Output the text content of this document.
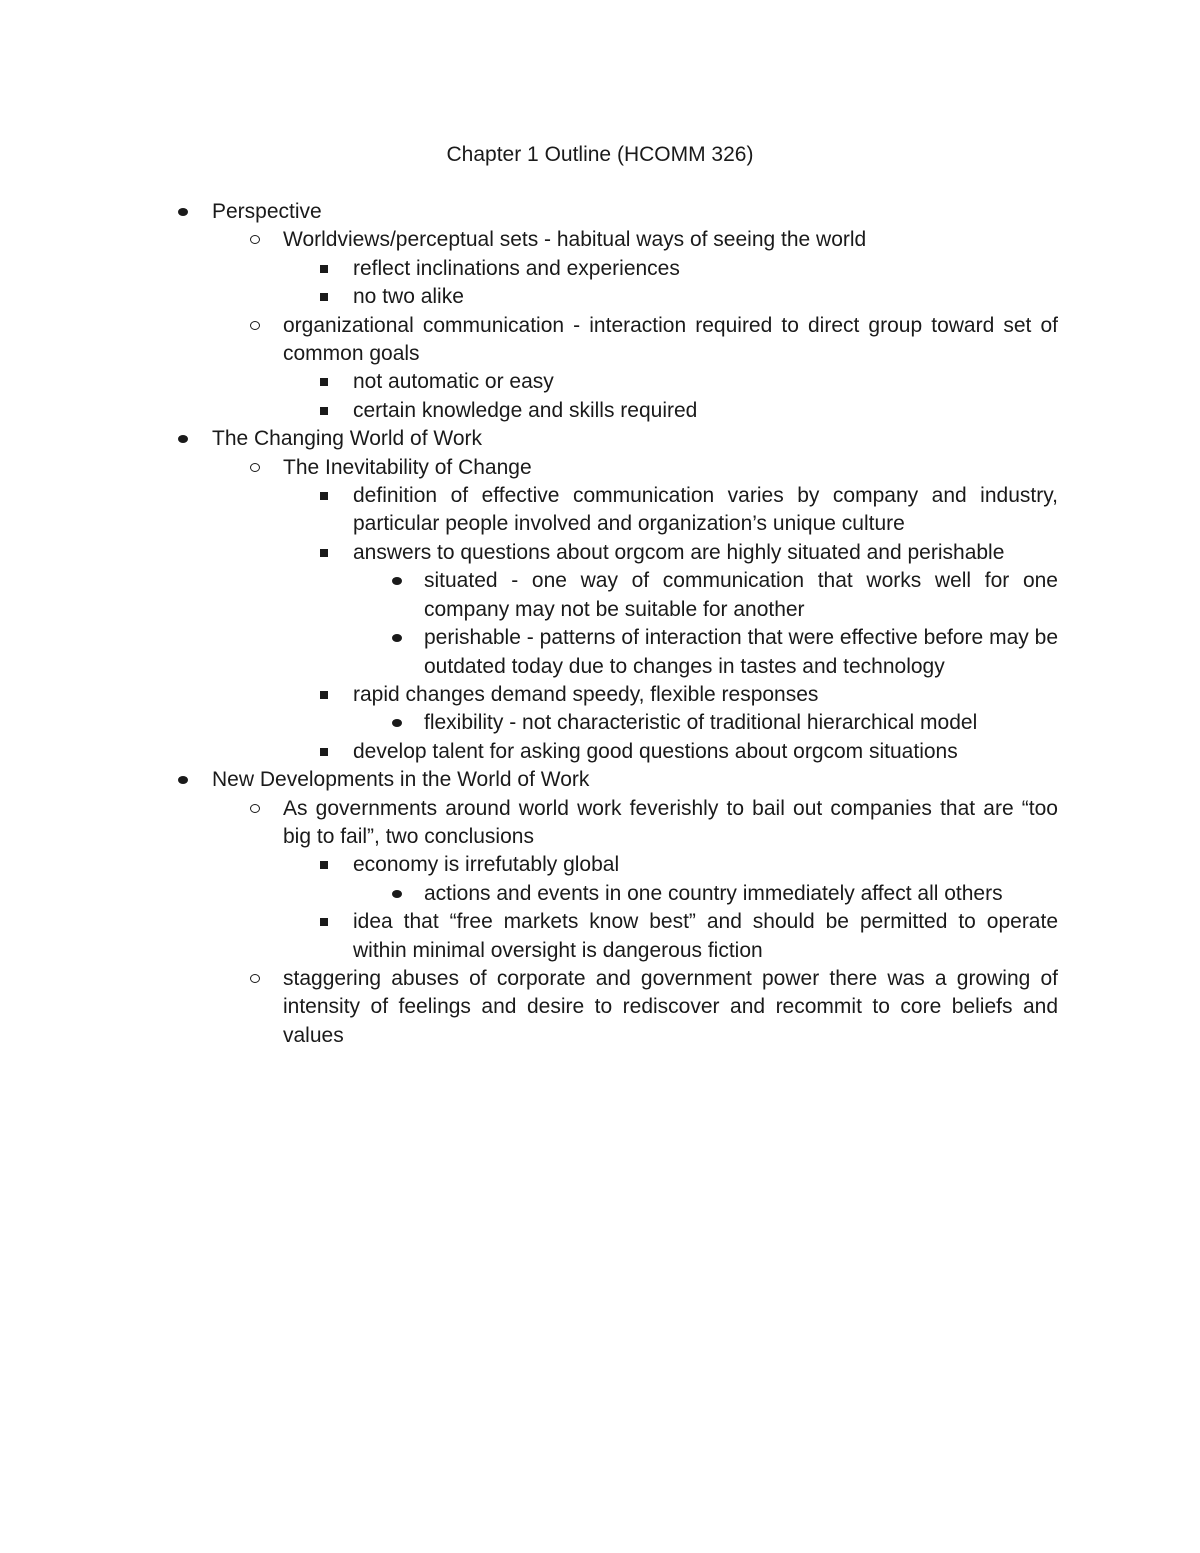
Chapter 1 Outline (HCOMM 326)
Perspective
Worldviews/perceptual sets - habitual ways of seeing the world
reflect inclinations and experiences
no two alike
organizational communication - interaction required to direct group toward set of common goals
not automatic or easy
certain knowledge and skills required
The Changing World of Work
The Inevitability of Change
definition of effective communication varies by company and industry, particular people involved and organization’s unique culture
answers to questions about orgcom are highly situated and perishable
situated - one way of communication that works well for one company may not be suitable for another
perishable - patterns of interaction that were effective before may be outdated today due to changes in tastes and technology
rapid changes demand speedy, flexible responses
flexibility - not characteristic of traditional hierarchical model
develop talent for asking good questions about orgcom situations
New Developments in the World of Work
As governments around world work feverishly to bail out companies that are “too big to fail”, two conclusions
economy is irrefutably global
actions and events in one country immediately affect all others
idea that “free markets know best” and should be permitted to operate within minimal oversight is dangerous fiction
staggering abuses of corporate and government power there was a growing of intensity of feelings and desire to rediscover and recommit to core beliefs and values
